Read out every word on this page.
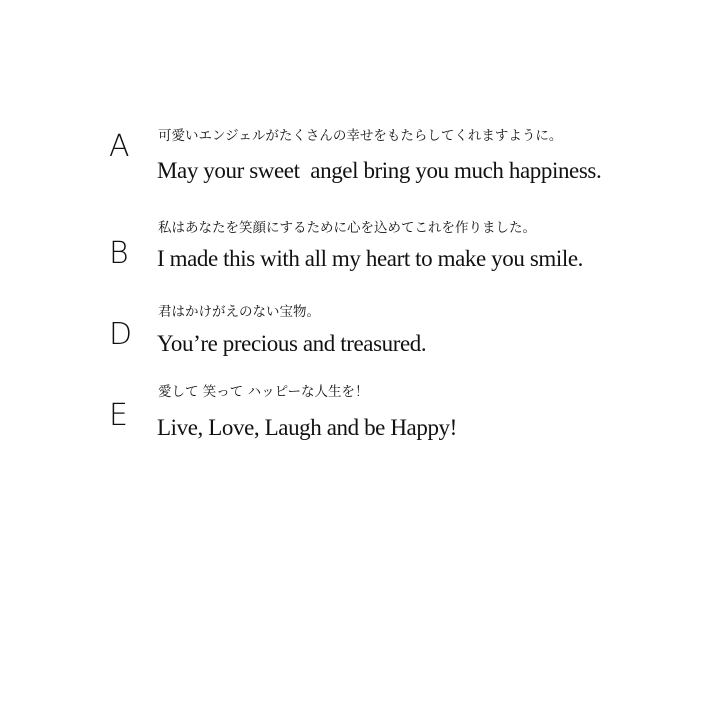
A 可愛いエンジェルがたくさんの幸せをもたらしてくれますように。
May your sweet  angel bring you much happiness.
B
私はあなたを笑顔にするために心を込めてこれを作りました。
I made this with all my heart to make you smile.
D
君はかけがえのない宝物。
You’re precious and treasured.
E
愛して 笑って ハッピーな人生を！
Live, Love, Laugh and be Happy!
